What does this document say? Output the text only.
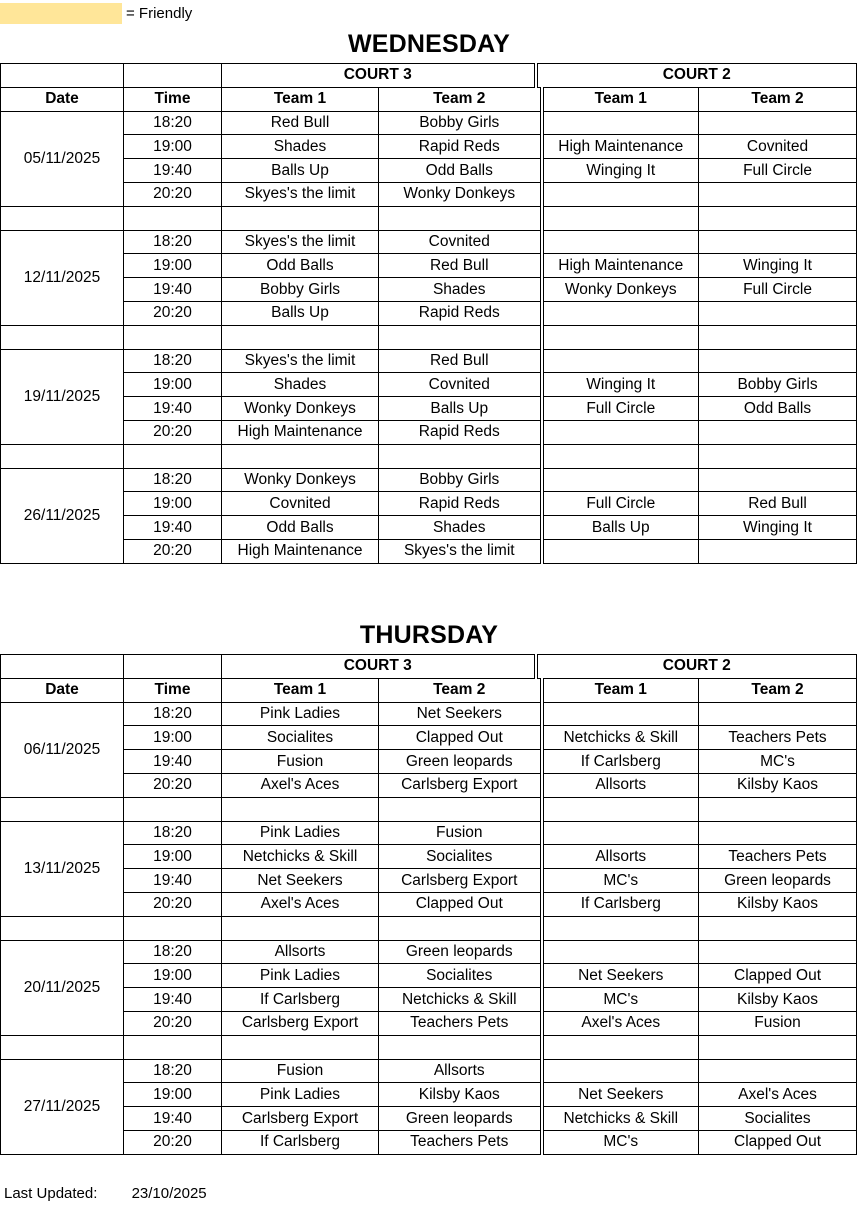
= Friendly
WEDNESDAY
		COURT 3		COURT 2		
Date	Time	Team 1	Team 2		Team 1	Team 2
05/11/2025	18:20	Red Bull	Bobby Girls			
	19:00	Shades	Rapid Reds		High Maintenance	Covnited
	19:40	Balls Up	Odd Balls		Winging It	Full Circle
	20:20	Skyes's the limit	Wonky Donkeys			

12/11/2025	18:20	Skyes's the limit	Covnited			
	19:00	Odd Balls	Red Bull		High Maintenance	Winging It
	19:40	Bobby Girls	Shades		Wonky Donkeys	Full Circle
	20:20	Balls Up	Rapid Reds			

19/11/2025	18:20	Skyes's the limit	Red Bull			
	19:00	Shades	Covnited		Winging It	Bobby Girls
	19:40	Wonky Donkeys	Balls Up		Full Circle	Odd Balls
	20:20	High Maintenance	Rapid Reds			

26/11/2025	18:20	Wonky Donkeys	Bobby Girls			
	19:00	Covnited	Rapid Reds		Full Circle	Red Bull
	19:40	Odd Balls	Shades		Balls Up	Winging It
	20:20	High Maintenance	Skyes's the limit			
THURSDAY
		COURT 3		COURT 2		
Date	Time	Team 1	Team 2		Team 1	Team 2
06/11/2025	18:20	Pink Ladies	Net Seekers			
	19:00	Socialites	Clapped Out		Netchicks & Skill	Teachers Pets
	19:40	Fusion	Green leopards		If Carlsberg	MC's
	20:20	Axel's Aces	Carlsberg Export		Allsorts	Kilsby Kaos

13/11/2025	18:20	Pink Ladies	Fusion			
	19:00	Netchicks & Skill	Socialites		Allsorts	Teachers Pets
	19:40	Net Seekers	Carlsberg Export		MC's	Green leopards
	20:20	Axel's Aces	Clapped Out		If Carlsberg	Kilsby Kaos

20/11/2025	18:20	Allsorts	Green leopards			
	19:00	Pink Ladies	Socialites		Net Seekers	Clapped Out
	19:40	If Carlsberg	Netchicks & Skill		MC's	Kilsby Kaos
	20:20	Carlsberg Export	Teachers Pets		Axel's Aces	Fusion

27/11/2025	18:20	Fusion	Allsorts			
	19:00	Pink Ladies	Kilsby Kaos		Net Seekers	Axel's Aces
	19:40	Carlsberg Export	Green leopards		Netchicks & Skill	Socialites
	20:20	If Carlsberg	Teachers Pets		MC's	Clapped Out
Last Updated: 23/10/2025
